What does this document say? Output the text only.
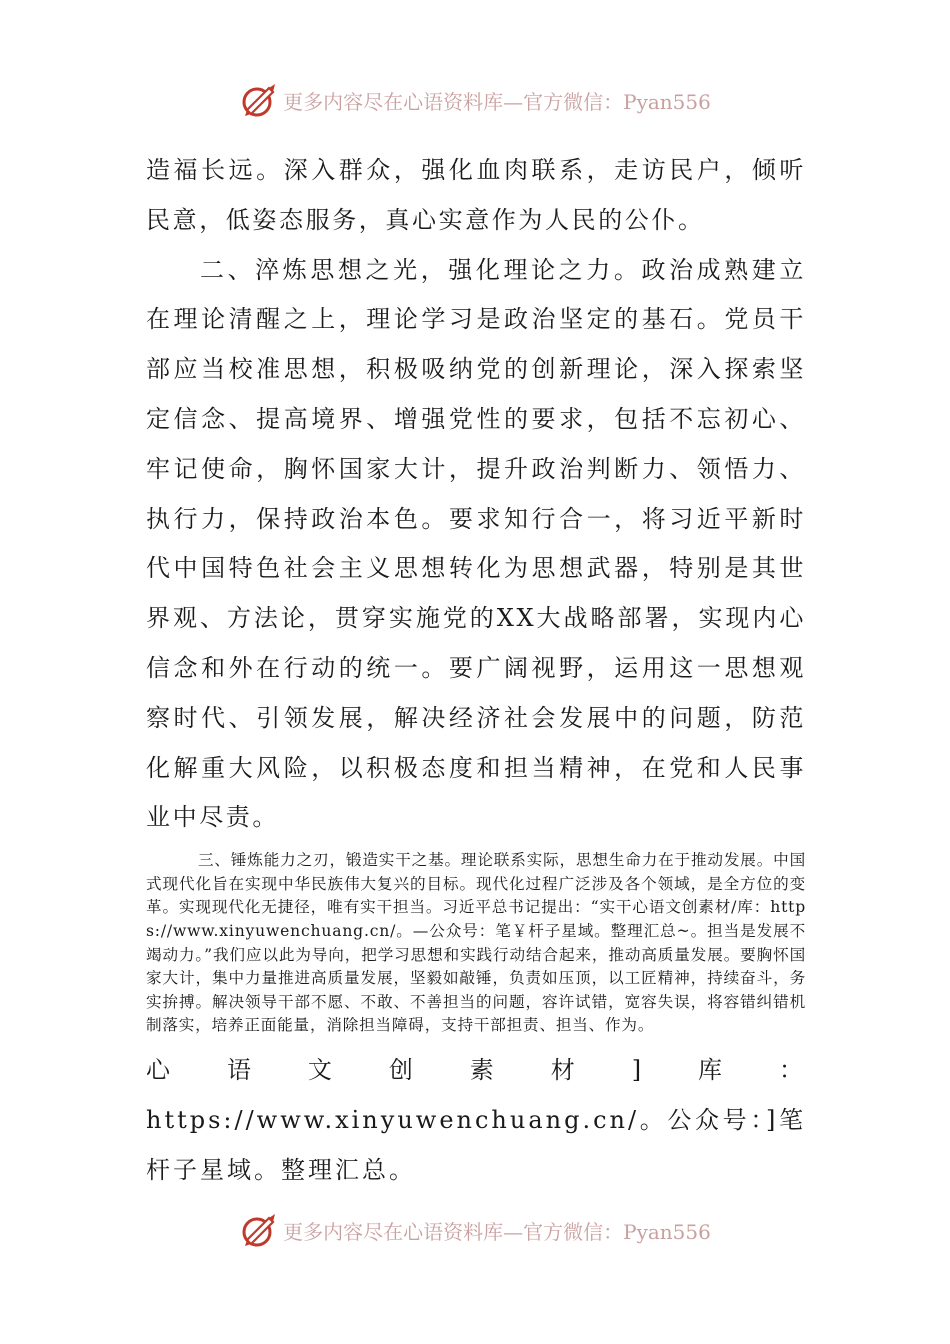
更多内容尽在心语资料库—官方微信：Pyan556

造福长远。深入群众，强化血肉联系，走访民户，倾听民意，低姿态服务，真心实意作为人民的公仆。

二、淬炼思想之光，强化理论之力。政治成熟建立在理论清醒之上，理论学习是政治坚定的基石。党员干部应当校准思想，积极吸纳党的创新理论，深入探索坚定信念、提高境界、增强党性的要求，包括不忘初心、牢记使命，胸怀国家大计，提升政治判断力、领悟力、执行力，保持政治本色。要求知行合一，将习近平新时代中国特色社会主义思想转化为思想武器，特别是其世界观、方法论，贯穿实施党的XX大战略部署，实现内心信念和外在行动的统一。要广阔视野，运用这一思想观察时代、引领发展，解决经济社会发展中的问题，防范化解重大风险，以积极态度和担当精神，在党和人民事业中尽责。

三、锤炼能力之刃，锻造实干之基。理论联系实际，思想生命力在于推动发展。中国式现代化旨在实现中华民族伟大复兴的目标。现代化过程广泛涉及各个领域，是全方位的变革。实现现代化无捷径，唯有实干担当。习近平总书记提出：“实干心语文创素材/库：https://www.xinyuwenchuang.cn/。—公众号：笔￥杆子星域。整理汇总~。担当是发展不竭动力。”我们应以此为导向，把学习思想和实践行动结合起来，推动高质量发展。要胸怀国家大计，集中力量推进高质量发展，坚毅如敲锤，负责如压顶，以工匠精神，持续奋斗，务实拚搏。解决领导干部不愿、不敢、不善担当的问题，容许试错，宽容失误，将容错纠错机制落实，培养正面能量，消除担当障碍，支持干部担责、担当、作为。

心语文创素材]库：https://www.xinyuwenchuang.cn/。公众号：]笔杆子星域。整理汇总。

更多内容尽在心语资料库—官方微信：Pyan556
